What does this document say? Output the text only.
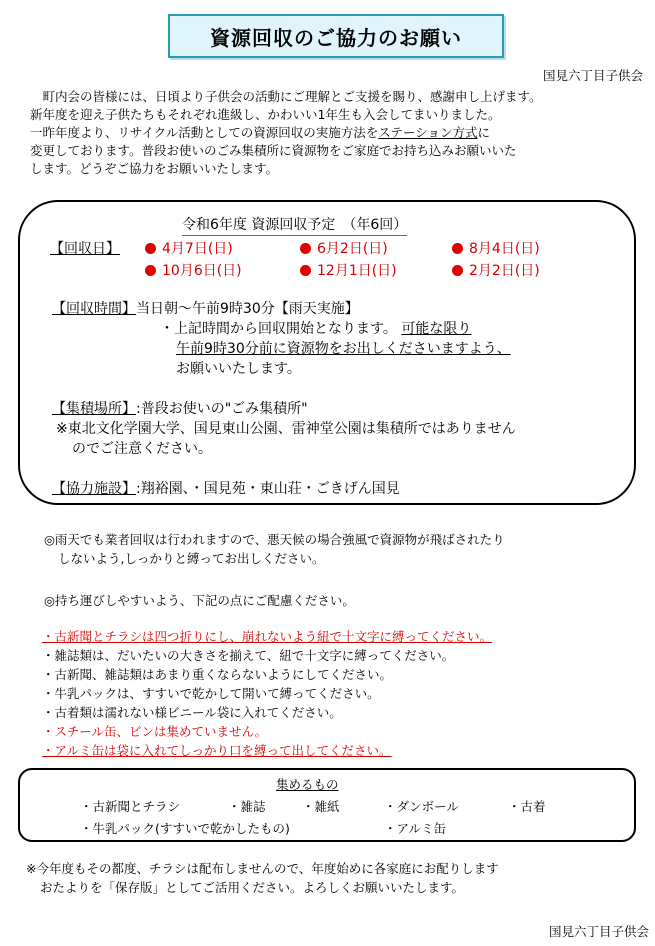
資源回収のご協力のお願い
国見六丁目子供会
　町内会の皆様には、日頃より子供会の活動にご理解とご支援を賜り、感謝申し上げます。
新年度を迎え子供たちもそれぞれ進級し、かわいい1年生も入会してまいりました。
一昨年度より、リサイクル活動としての資源回収の実施方法をステーション方式に
変更しております。普段お使いのごみ集積所に資源物をご家庭でお持ち込みお願いいた
します。どうぞご協力をお願いいたします。
令和6年度 資源回収予定　（年6回）
【回収日】	4月7日(日)	6月2日(日)	8月4日(日)
10月6日(日)	12月1日(日)	2月2日(日)
【回収時間】当日朝～午前9時30分【雨天実施】
・上記時間から回収開始となります。 可能な限り
午前9時30分前に資源物をお出しくださいますよう、
お願いいたします。
【集積場所】:普段お使いの"ごみ集積所"
※東北文化学園大学、国見東山公園、雷神堂公園は集積所ではありません
のでご注意ください。
【協力施設】:翔裕園、・国見苑・東山荘・ごきげん国見
◎雨天でも業者回収は行われますので、悪天候の場合強風で資源物が飛ばされたり
しないよう,しっかりと縛ってお出しください。
◎持ち運びしやすいよう、下記の点にご配慮ください。
・古新聞とチラシは四つ折りにし、崩れないよう紐で十文字に縛ってください。
・雑誌類は、だいたいの大きさを揃えて、紐で十文字に縛ってください。
・古新聞、雑誌類はあまり重くならないようにしてください。
・牛乳パックは、すすいで乾かして開いて縛ってください。
・古着類は濡れない様ビニール袋に入れてください。
・スチール缶、ビンは集めていません。
・アルミ缶は袋に入れてしっかり口を縛って出してください。
集めるもの
・古新聞とチラシ	・雑誌	・雑紙	・ダンボール	・古着
・牛乳パック(すすいで乾かしたもの)	・アルミ缶
※今年度もその都度、チラシは配布しませんので、年度始めに各家庭にお配りします
おたよりを「保存版」としてご活用ください。よろしくお願いいたします。
国見六丁目子供会
